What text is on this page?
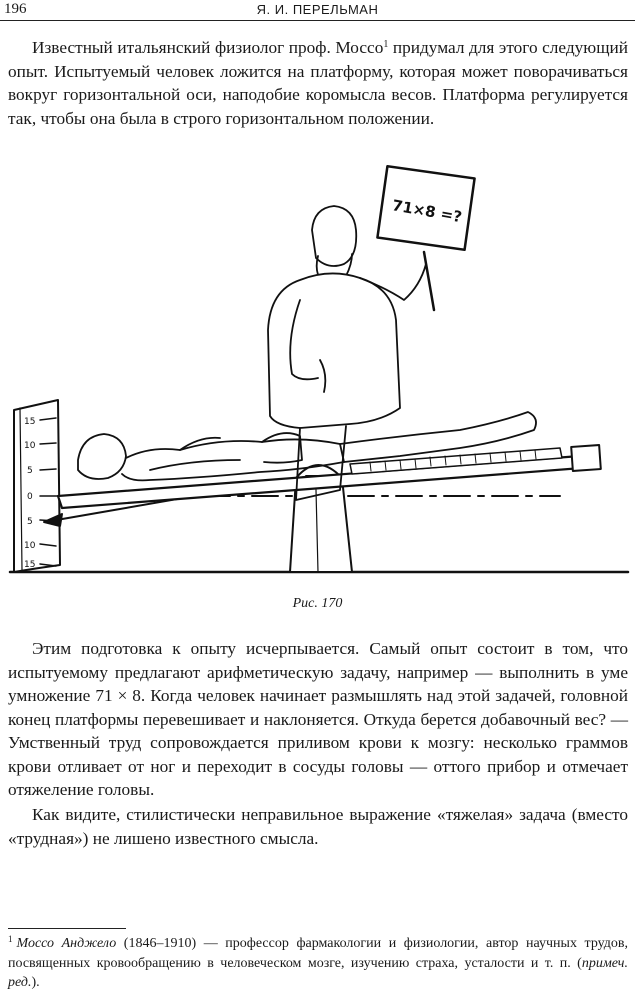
196	Я. И. ПЕРЕЛЬМАН

Известный итальянский физиолог проф. Моссо$^1$ придумал для этого следующий опыт. Испытуемый человек ложится на платформу, которая может поворачиваться вокруг горизонтальной оси, наподобие коромысла весов. Платформа регулируется так, чтобы она была в строго горизонтальном положении.

15
10
5
0
5
10
15
71×8 =?
Рис. 170

Этим подготовка к опыту исчерпывается. Самый опыт состоит в том, что испытуемому предлагают арифметическую задачу, например — выполнить в уме умножение 71 × 8. Когда человек начинает размышлять над этой задачей, головной конец платформы перевешивает и наклоняется. Откуда берется добавочный вес? — Умственный труд сопровождается приливом крови к мозгу: несколько граммов крови отливает от ног и переходит в сосуды головы — оттого прибор и отмечает отяжеление головы.

Как видите, стилистически неправильное выражение «тяжелая» задача (вместо «трудная») не лишено известного смысла.

$^1$ Моссо Анджело (1846–1910) — профессор фармакологии и физиологии, автор научных трудов, посвященных кровообращению в человеческом мозге, изучению страха, усталости и т. п. (примеч. ред.).
